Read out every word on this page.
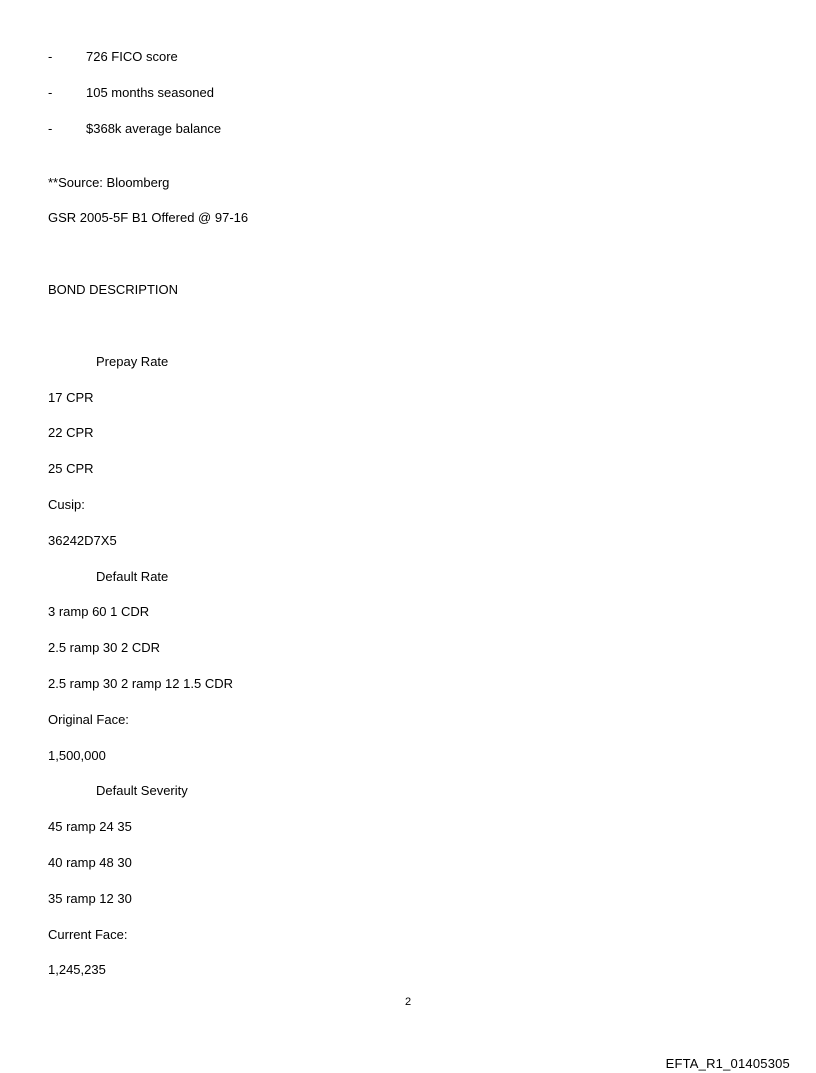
-	726 FICO score
-	105 months seasoned
-	$368k average balance
**Source: Bloomberg
GSR 2005-5F B1 Offered @ 97-16
BOND DESCRIPTION
Prepay Rate
17 CPR
22 CPR
25 CPR
Cusip:
36242D7X5
Default Rate
3 ramp 60 1 CDR
2.5 ramp 30 2 CDR
2.5 ramp 30 2 ramp 12 1.5 CDR
Original Face:
1,500,000
Default Severity
45 ramp 24 35
40 ramp 48 30
35 ramp 12 30
Current Face:
1,245,235
2
EFTA_R1_01405305
